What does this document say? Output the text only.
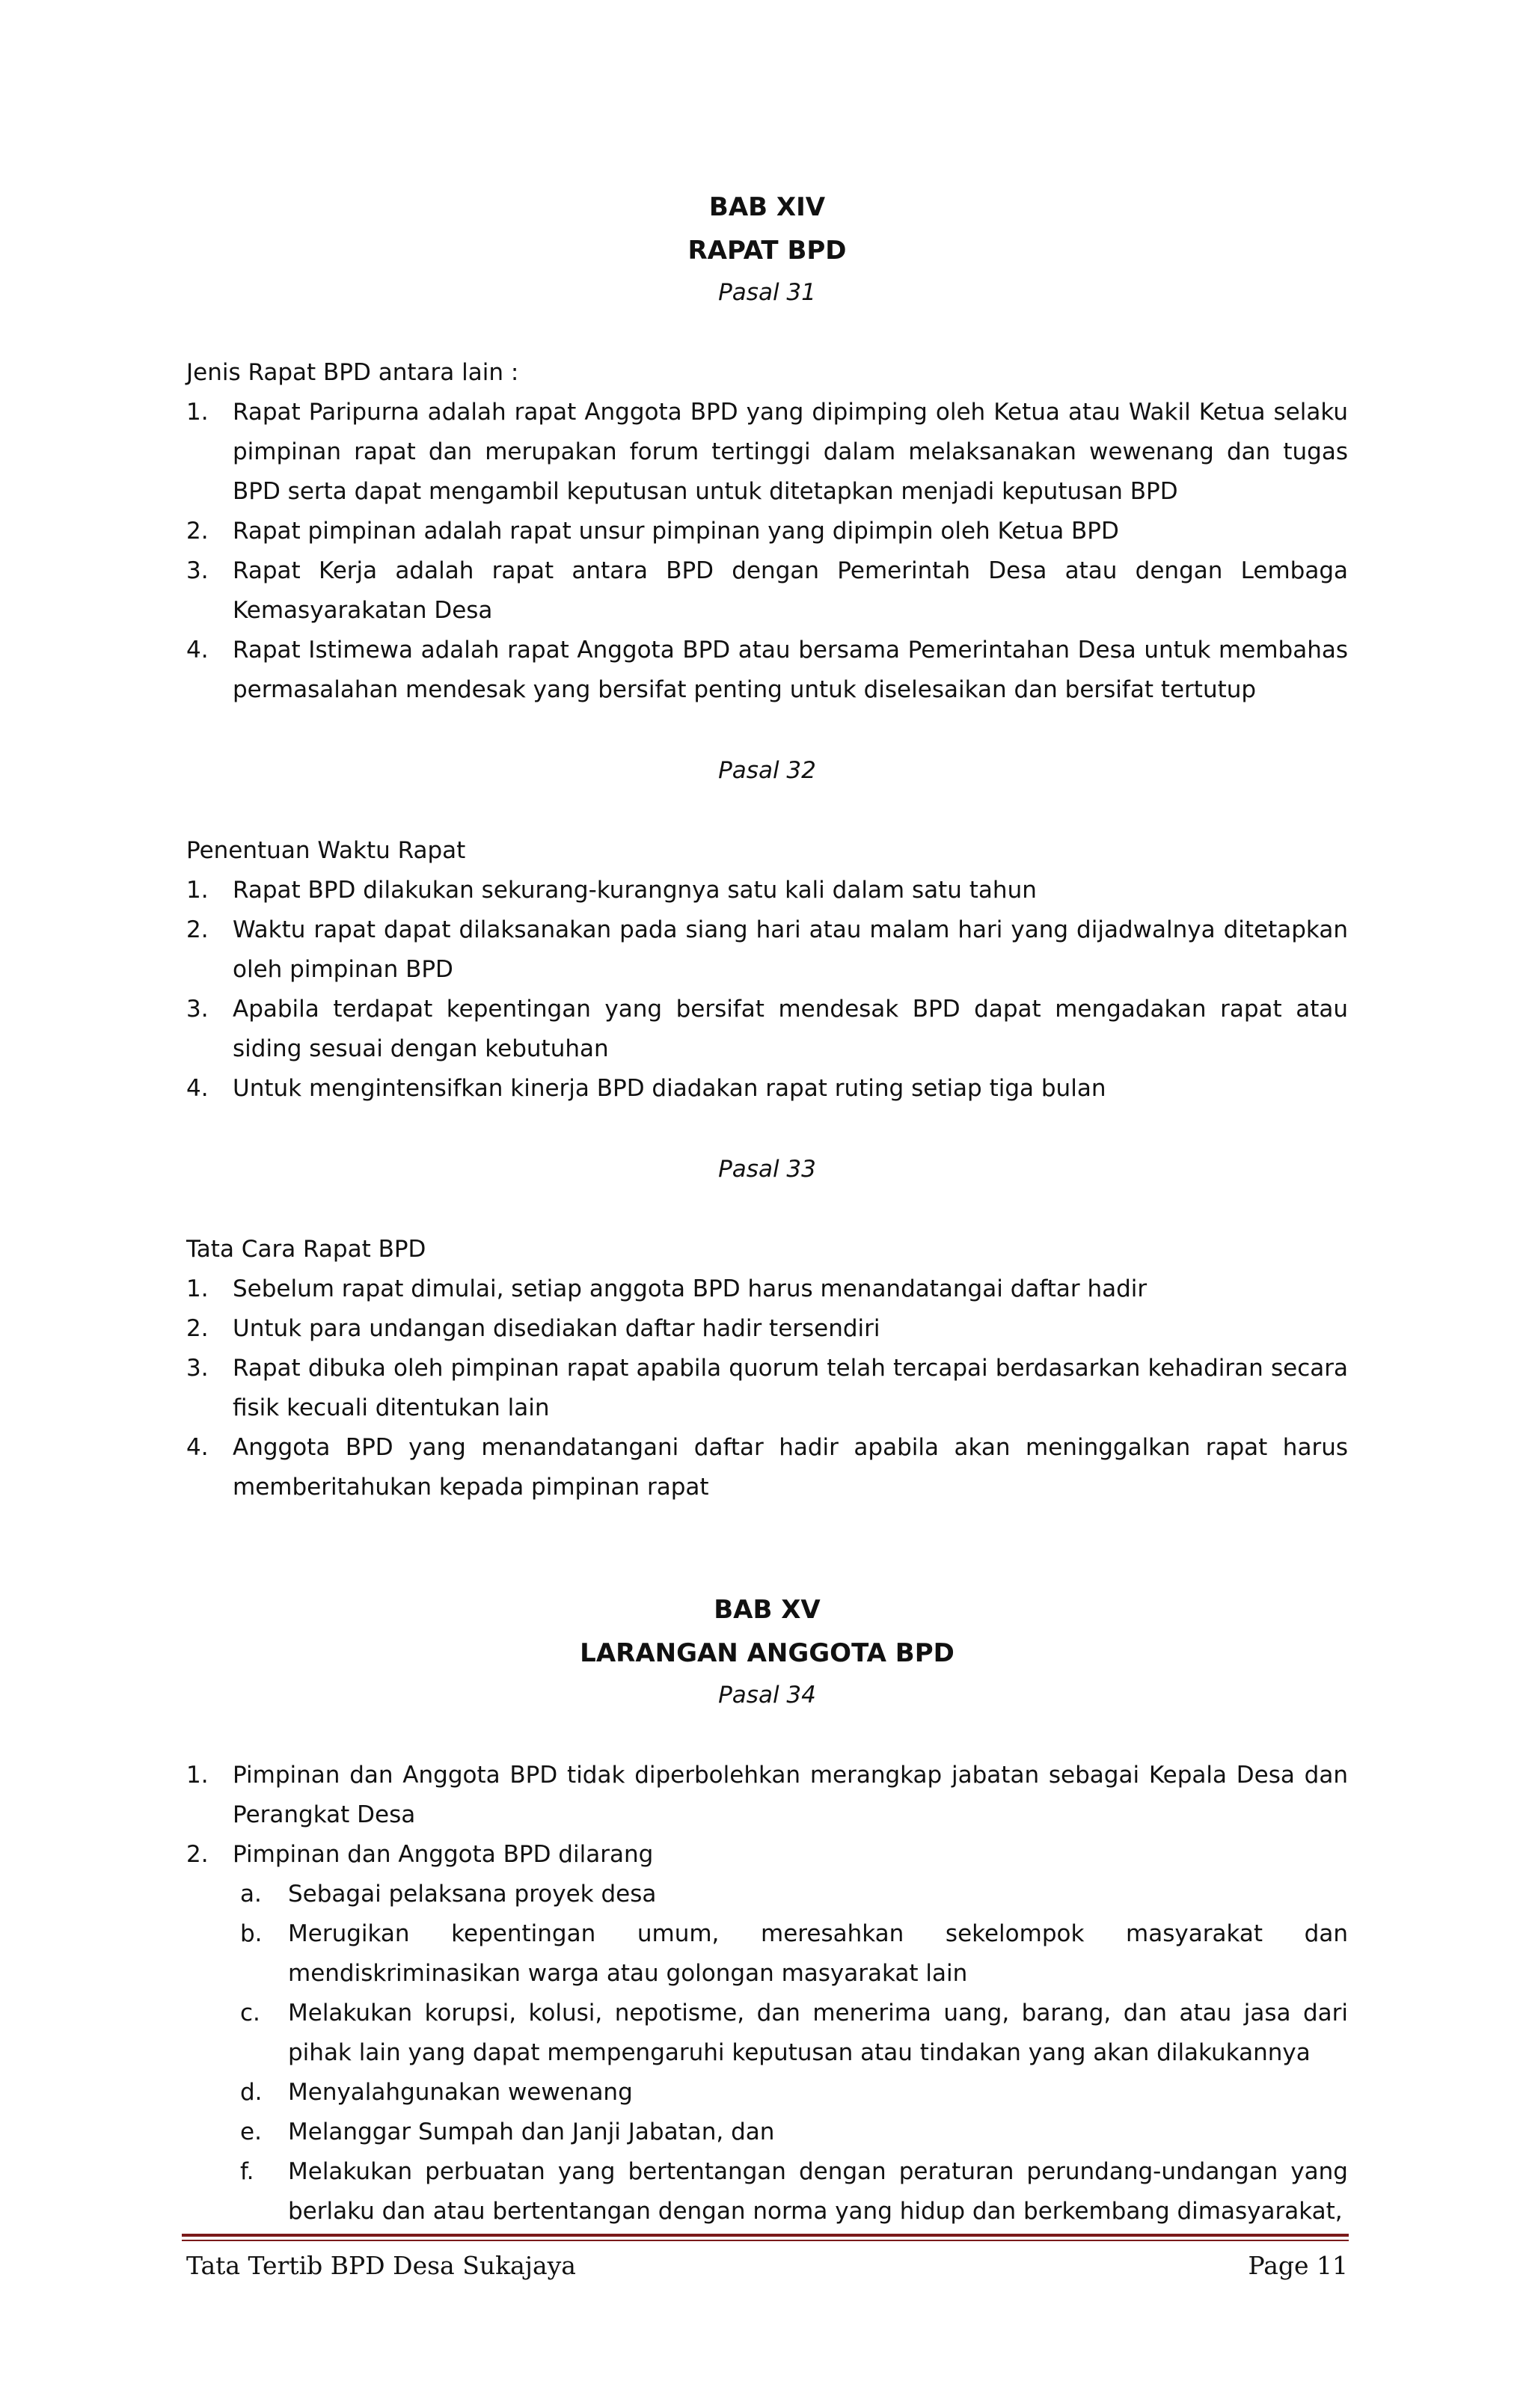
BAB XIV
RAPAT BPD
Pasal 31
Jenis Rapat BPD antara lain :
1.	Rapat Paripurna adalah rapat Anggota BPD yang dipimping oleh Ketua atau Wakil Ketua selaku pimpinan rapat dan merupakan forum tertinggi dalam melaksanakan wewenang dan tugas BPD serta dapat mengambil keputusan untuk ditetapkan menjadi keputusan BPD
2.	Rapat pimpinan adalah rapat unsur pimpinan yang dipimpin oleh Ketua BPD
3.	Rapat Kerja adalah rapat antara BPD dengan Pemerintah Desa atau dengan Lembaga Kemasyarakatan Desa
4.	Rapat Istimewa adalah rapat Anggota BPD atau bersama Pemerintahan Desa untuk membahas permasalahan mendesak yang bersifat penting untuk diselesaikan dan bersifat tertutup
Pasal 32
Penentuan Waktu Rapat
1.	Rapat BPD dilakukan sekurang-kurangnya satu kali dalam satu tahun
2.	Waktu rapat dapat dilaksanakan pada siang hari atau malam hari yang dijadwalnya ditetapkan oleh pimpinan BPD
3.	Apabila terdapat kepentingan yang bersifat mendesak BPD dapat mengadakan rapat atau siding sesuai dengan kebutuhan
4.	Untuk mengintensifkan kinerja BPD diadakan rapat ruting setiap tiga bulan
Pasal 33
Tata Cara Rapat BPD
1.	Sebelum rapat dimulai, setiap anggota BPD harus menandatangai daftar hadir
2.	Untuk para undangan disediakan daftar hadir tersendiri
3.	Rapat dibuka oleh pimpinan rapat apabila quorum telah tercapai berdasarkan kehadiran secara fisik kecuali ditentukan lain
4.	Anggota BPD yang menandatangani daftar hadir apabila akan meninggalkan rapat harus memberitahukan kepada pimpinan rapat
BAB XV
LARANGAN ANGGOTA BPD
Pasal 34
1.	Pimpinan dan Anggota BPD tidak diperbolehkan merangkap jabatan sebagai Kepala Desa dan Perangkat Desa
2.	Pimpinan dan Anggota BPD dilarang
a.	Sebagai pelaksana proyek desa
b.	Merugikan kepentingan umum, meresahkan sekelompok masyarakat dan mendiskriminasikan warga atau golongan masyarakat lain
c.	Melakukan korupsi, kolusi, nepotisme, dan menerima uang, barang, dan atau jasa dari pihak lain yang dapat mempengaruhi keputusan atau tindakan yang akan dilakukannya
d.	Menyalahgunakan wewenang
e.	Melanggar Sumpah dan Janji Jabatan, dan
f.	Melakukan perbuatan yang bertentangan dengan peraturan perundang-undangan yang berlaku dan atau bertentangan dengan norma yang hidup dan berkembang dimasyarakat,
Tata Tertib BPD Desa Sukajaya	Page 11
